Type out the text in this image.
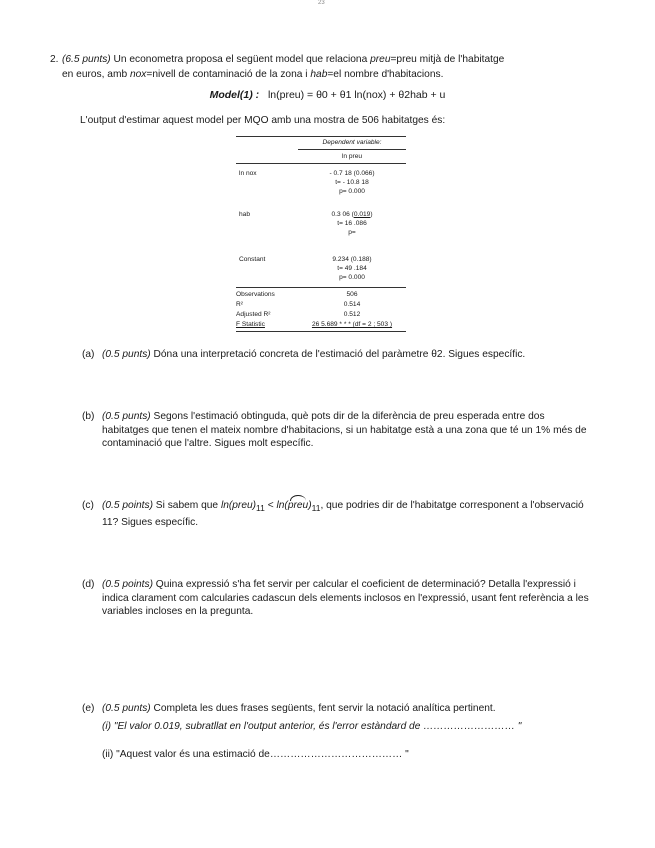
23
2. (6.5 punts) Un econometra proposa el següent model que relaciona preu=preu mitjà de l'habitatge
en euros, amb nox=nivell de contaminació de la zona i hab=el nombre d'habitacions.
Model(1) : ln(preu) = θ0 + θ1 ln(nox) + θ2hab + u
L'output d'estimar aquest model per MQO amb una mostra de 506 habitatges és:
Dependent variable:
ln preu
ln nox	- 0.7 18 (0.066)
t= - 10.8 18
p= 0.000
hab	0.3 06 (0.019)
t= 16 .086
p=
Constant	9.234 (0.188)
t= 49 .184
p= 0.000
Observations	506
R²	0.514
Adjusted R²	0.512
F Statistic	26 5.689 * * * (df = 2 ; 503 )
(a) (0.5 punts) Dóna una interpretació concreta de l'estimació del paràmetre θ2. Sigues específic.
(b) (0.5 punts) Segons l'estimació obtinguda, què pots dir de la diferència de preu esperada entre dos habitatges que tenen el mateix nombre d'habitacions, si un habitatge està a una zona que té un 1% més de contaminació que l'altre. Sigues molt específic.
(c) (0.5 points) Si sabem que $\ln(preu)_{11}$ < $\ln(preu)_{11}$, que podries dir de l'habitatge corresponent a l'observació 11? Sigues específic.
(d) (0.5 points) Quina expressió s'ha fet servir per calcular el coeficient de determinació? Detalla l'expressió i indica clarament com calcularies cadascun dels elements inclosos en l'expressió, usant fent referència a les variables incloses en la pregunta.
(e) (0.5 punts) Completa les dues frases següents, fent servir la notació analítica pertinent.
(i) "El valor 0.019, subratllat en l'output anterior, és l'error estàndard de ……………………… "
(ii) "Aquest valor és una estimació de………………………………… "
